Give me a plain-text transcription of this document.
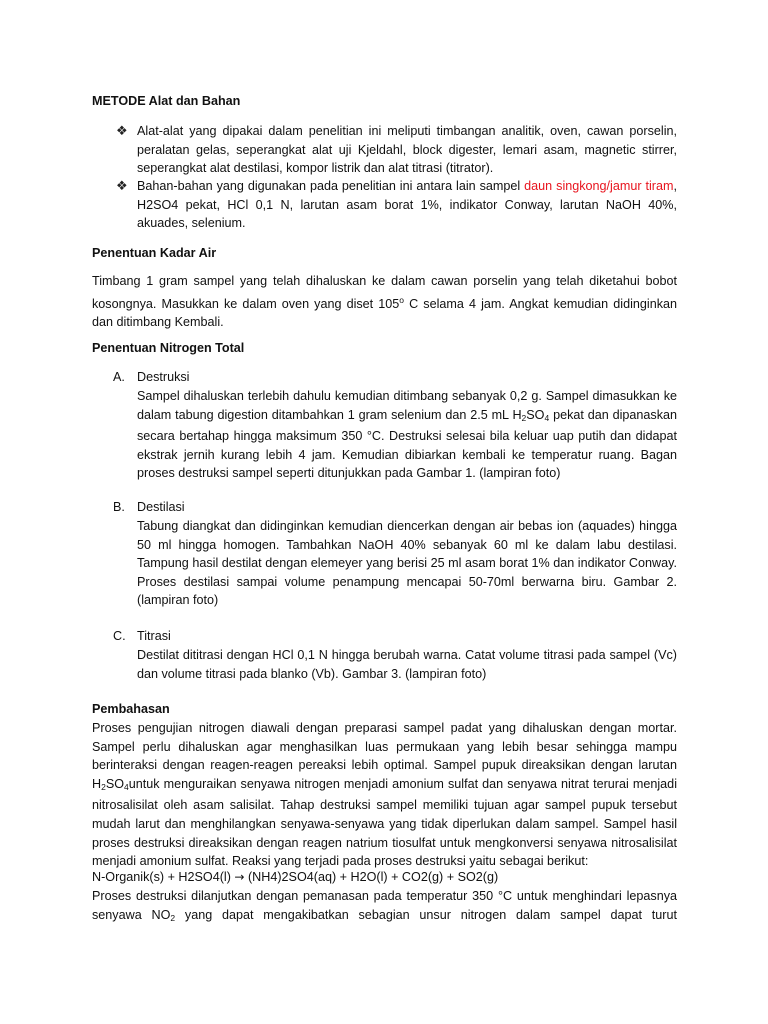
METODE Alat dan Bahan
❖ Alat-alat yang dipakai dalam penelitian ini meliputi timbangan analitik, oven, cawan porselin, peralatan gelas, seperangkat alat uji Kjeldahl, block digester, lemari asam, magnetic stirrer, seperangkat alat destilasi, kompor listrik dan alat titrasi (titrator).
❖ Bahan-bahan yang digunakan pada penelitian ini antara lain sampel daun singkong/jamur tiram, H2SO4 pekat, HCl 0,1 N, larutan asam borat 1%, indikator Conway, larutan NaOH 40%, akuades, selenium.
Penentuan Kadar Air
Timbang 1 gram sampel yang telah dihaluskan ke dalam cawan porselin yang telah diketahui bobot kosongnya. Masukkan ke dalam oven yang diset 105$^o$ C selama 4 jam. Angkat kemudian didinginkan dan ditimbang Kembali.
Penentuan Nitrogen Total
A. Destruksi
Sampel dihaluskan terlebih dahulu kemudian ditimbang sebanyak 0,2 g. Sampel dimasukkan ke dalam tabung digestion ditambahkan 1 gram selenium dan 2.5 mL $H_2SO_4$ pekat dan dipanaskan secara bertahap hingga maksimum 350 °C. Destruksi selesai bila keluar uap putih dan didapat ekstrak jernih kurang lebih 4 jam. Kemudian dibiarkan kembali ke temperatur ruang. Bagan proses destruksi sampel seperti ditunjukkan pada Gambar 1. (lampiran foto)
B. Destilasi
Tabung diangkat dan didinginkan kemudian diencerkan dengan air bebas ion (aquades) hingga 50 ml hingga homogen. Tambahkan NaOH 40% sebanyak 60 ml ke dalam labu destilasi. Tampung hasil destilat dengan elemeyer yang berisi 25 ml asam borat 1% dan indikator Conway. Proses destilasi sampai volume penampung mencapai 50-70ml berwarna biru. Gambar 2. (lampiran foto)
C. Titrasi
Destilat dititrasi dengan HCl 0,1 N hingga berubah warna. Catat volume titrasi pada sampel (Vc) dan volume titrasi pada blanko (Vb). Gambar 3. (lampiran foto)
Pembahasan
Proses pengujian nitrogen diawali dengan preparasi sampel padat yang dihaluskan dengan mortar. Sampel perlu dihaluskan agar menghasilkan luas permukaan yang lebih besar sehingga mampu berinteraksi dengan reagen-reagen pereaksi lebih optimal. Sampel pupuk direaksikan dengan larutan $H_2SO_4untuk$ menguraikan senyawa nitrogen menjadi amonium sulfat dan senyawa nitrat terurai menjadi nitrosalisilat oleh asam salisilat. Tahap destruksi sampel memiliki tujuan agar sampel pupuk tersebut mudah larut dan menghilangkan senyawa-senyawa yang tidak diperlukan dalam sampel. Sampel hasil proses destruksi direaksikan dengan reagen natrium tiosulfat untuk mengkonversi senyawa nitrosalisilat menjadi amonium sulfat. Reaksi yang terjadi pada proses destruksi yaitu sebagai berikut:
N-Organik(s) + H2SO4(l) → (NH4)2SO4(aq) + H2O(l) + CO2(g) + SO2(g)
Proses destruksi dilanjutkan dengan pemanasan pada temperatur 350 °C untuk menghindari lepasnya senyawa $NO_2$ yang dapat mengakibatkan sebagian unsur nitrogen dalam sampel dapat turut
